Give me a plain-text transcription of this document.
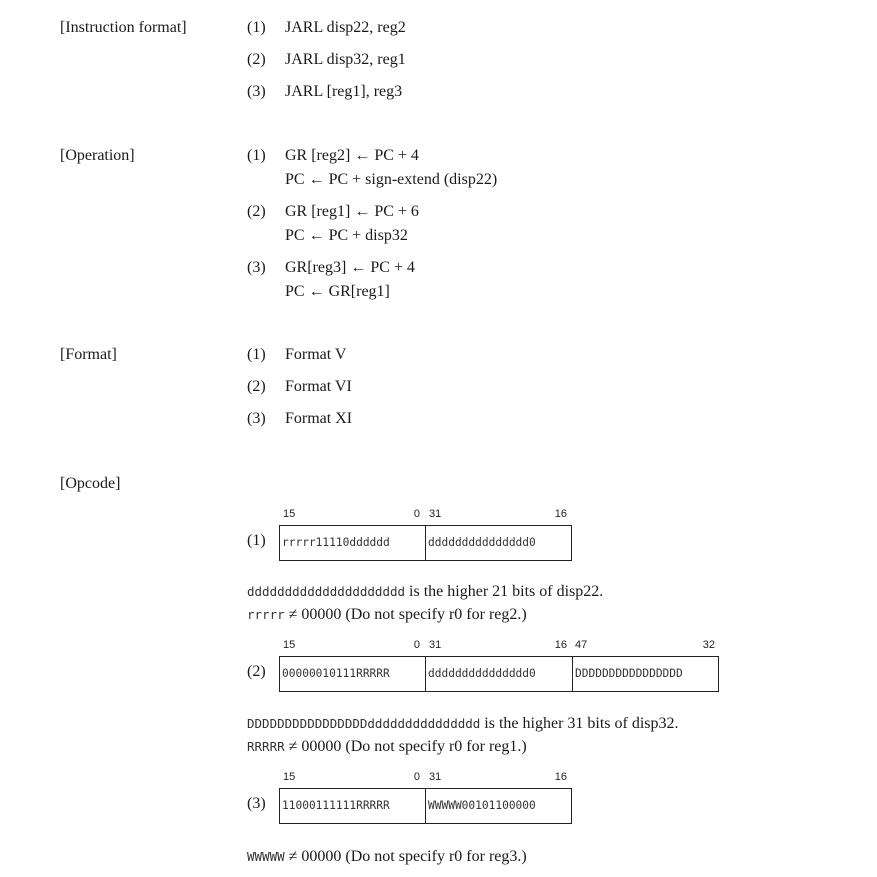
[Instruction format]	(1) JARL disp22, reg2
(2) JARL disp32, reg1
(3) JARL [reg1], reg3
[Operation]	(1) GR [reg2] ← PC + 4
PC ← PC + sign-extend (disp22)
(2) GR [reg1] ← PC + 6
PC ← PC + disp32
(3) GR[reg3] ← PC + 4
PC ← GR[reg1]
[Format]	(1) Format V
(2) Format VI
(3) Format XI
[Opcode]
15	0 31	16
(1) rrrrr11110dddddd	ddddddddddddddd0
ddddddddddddddddddddd is the higher 21 bits of disp22.
rrrrr ≠ 00000 (Do not specify r0 for reg2.)
15	0 31	16 47	32
(2) 00000010111RRRRR	ddddddddddddddd0	DDDDDDDDDDDDDDDD
DDDDDDDDDDDDDDDDddddddddddddddd is the higher 31 bits of disp32.
RRRRR ≠ 00000 (Do not specify r0 for reg1.)
15	0 31	16
(3) 11000111111RRRRR	WWWWW00101100000
WWWWW ≠ 00000 (Do not specify r0 for reg3.)
